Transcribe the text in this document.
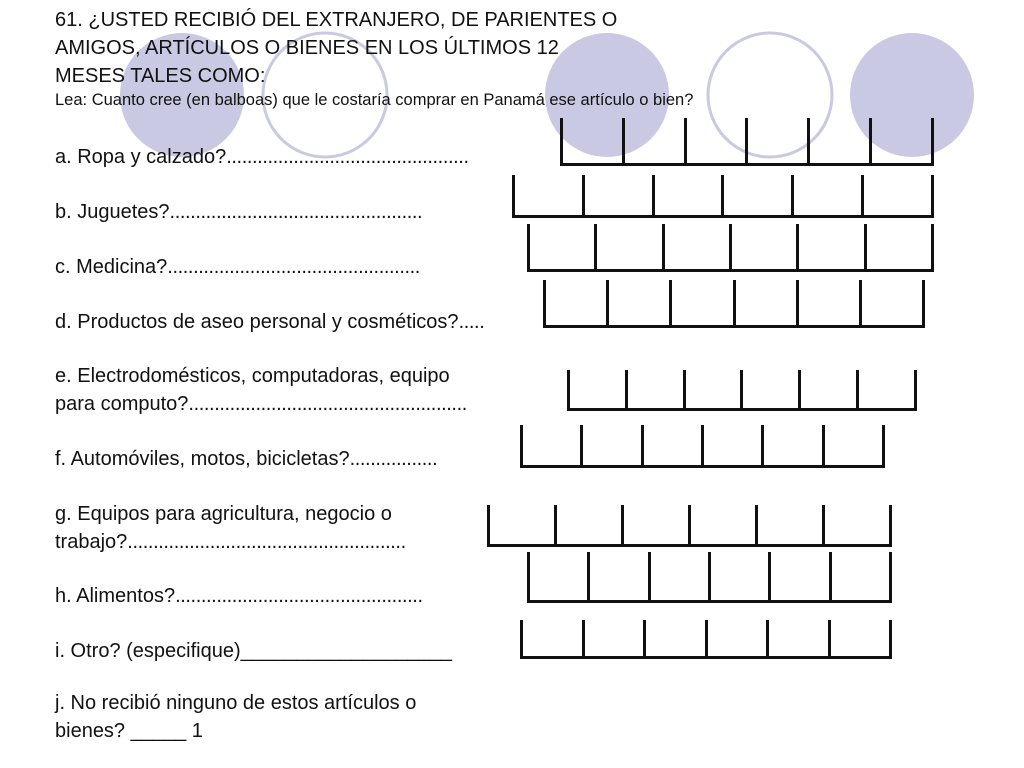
61. ¿USTED RECIBIÓ DEL EXTRANJERO, DE PARIENTES O
AMIGOS, ARTÍCULOS O BIENES EN LOS ÚLTIMOS 12
MESES TALES COMO:
Lea: Cuanto cree (en balboas) que le costaría comprar en Panamá ese artículo o bien?
a. Ropa y calzado?...............................................
b. Juguetes?.................................................
c. Medicina?.................................................
d. Productos de aseo personal y cosméticos?.....
e. Electrodomésticos, computadoras, equipo
para computo?......................................................
f. Automóviles, motos, bicicletas?.................
g. Equipos para agricultura, negocio o
trabajo?......................................................
h. Alimentos?................................................
i. Otro? (especifique)___________________
j. No recibió ninguno de estos artículos o
bienes? _____ 1
